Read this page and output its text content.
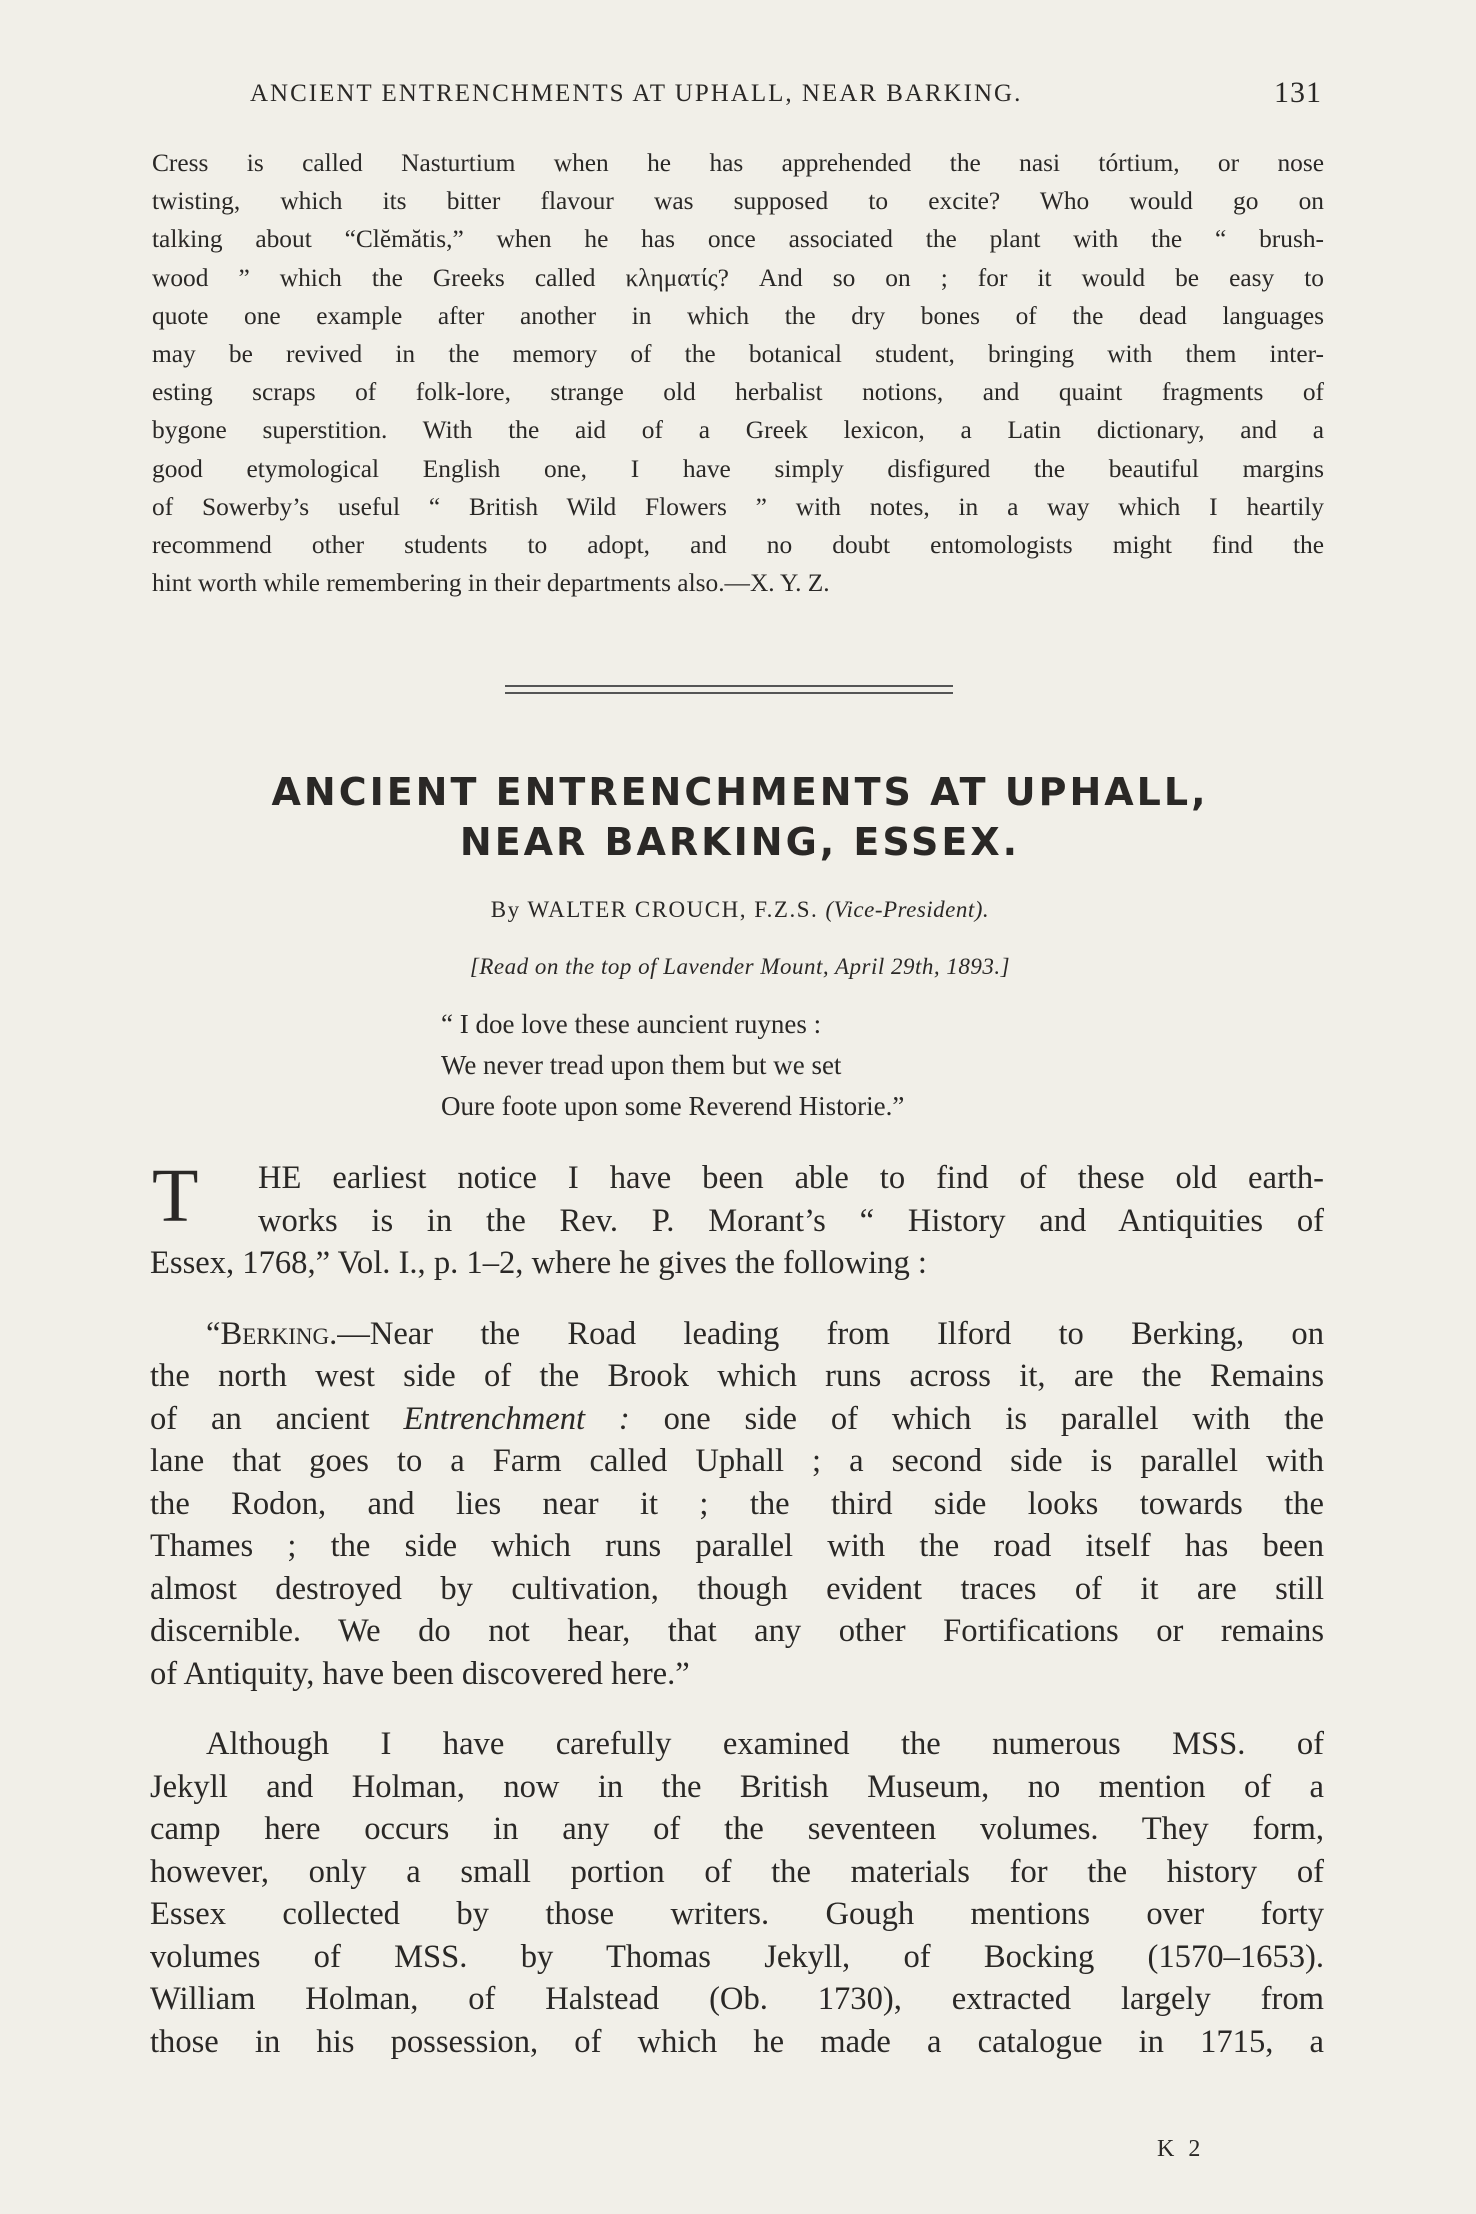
ANCIENT ENTRENCHMENTS AT UPHALL, NEAR BARKING.	131
Cress is called Nasturtium when he has apprehended the nasi tórtium, or nose
twisting, which its bitter flavour was supposed to excite? Who would go on
talking about “Clĕmătis,” when he has once associated the plant with the “ brush-
wood ” which the Greeks called κληματίς? And so on ; for it would be easy to
quote one example after another in which the dry bones of the dead languages
may be revived in the memory of the botanical student, bringing with them inter-
esting scraps of folk-lore, strange old herbalist notions, and quaint fragments of
bygone superstition. With the aid of a Greek lexicon, a Latin dictionary, and a
good etymological English one, I have simply disfigured the beautiful margins
of Sowerby’s useful “ British Wild Flowers ” with notes, in a way which I heartily
recommend other students to adopt, and no doubt entomologists might find the
hint worth while remembering in their departments also.—X. Y. Z.
ANCIENT ENTRENCHMENTS AT UPHALL,
NEAR BARKING, ESSEX.
By WALTER CROUCH, F.Z.S. (Vice-President).
[Read on the top of Lavender Mount, April 29th, 1893.]
“ I doe love these auncient ruynes :
We never tread upon them but we set
Oure foote upon some Reverend Historie.”
T	HE earliest notice I have been able to find of these old earth-
works is in the Rev. P. Morant’s “ History and Antiquities of
Essex, 1768,” Vol. I., p. 1–2, where he gives the following :
“Berking.—Near the Road leading from Ilford to Berking, on
the north west side of the Brook which runs across it, are the Remains
of an ancient Entrenchment : one side of which is parallel with the
lane that goes to a Farm called Uphall ; a second side is parallel with
the Rodon, and lies near it ; the third side looks towards the
Thames ; the side which runs parallel with the road itself has been
almost destroyed by cultivation, though evident traces of it are still
discernible. We do not hear, that any other Fortifications or remains
of Antiquity, have been discovered here.”
Although I have carefully examined the numerous MSS. of
Jekyll and Holman, now in the British Museum, no mention of a
camp here occurs in any of the seventeen volumes. They form,
however, only a small portion of the materials for the history of
Essex collected by those writers. Gough mentions over forty
volumes of MSS. by Thomas Jekyll, of Bocking (1570–1653).
William Holman, of Halstead (Ob. 1730), extracted largely from
those in his possession, of which he made a catalogue in 1715, a
K 2
